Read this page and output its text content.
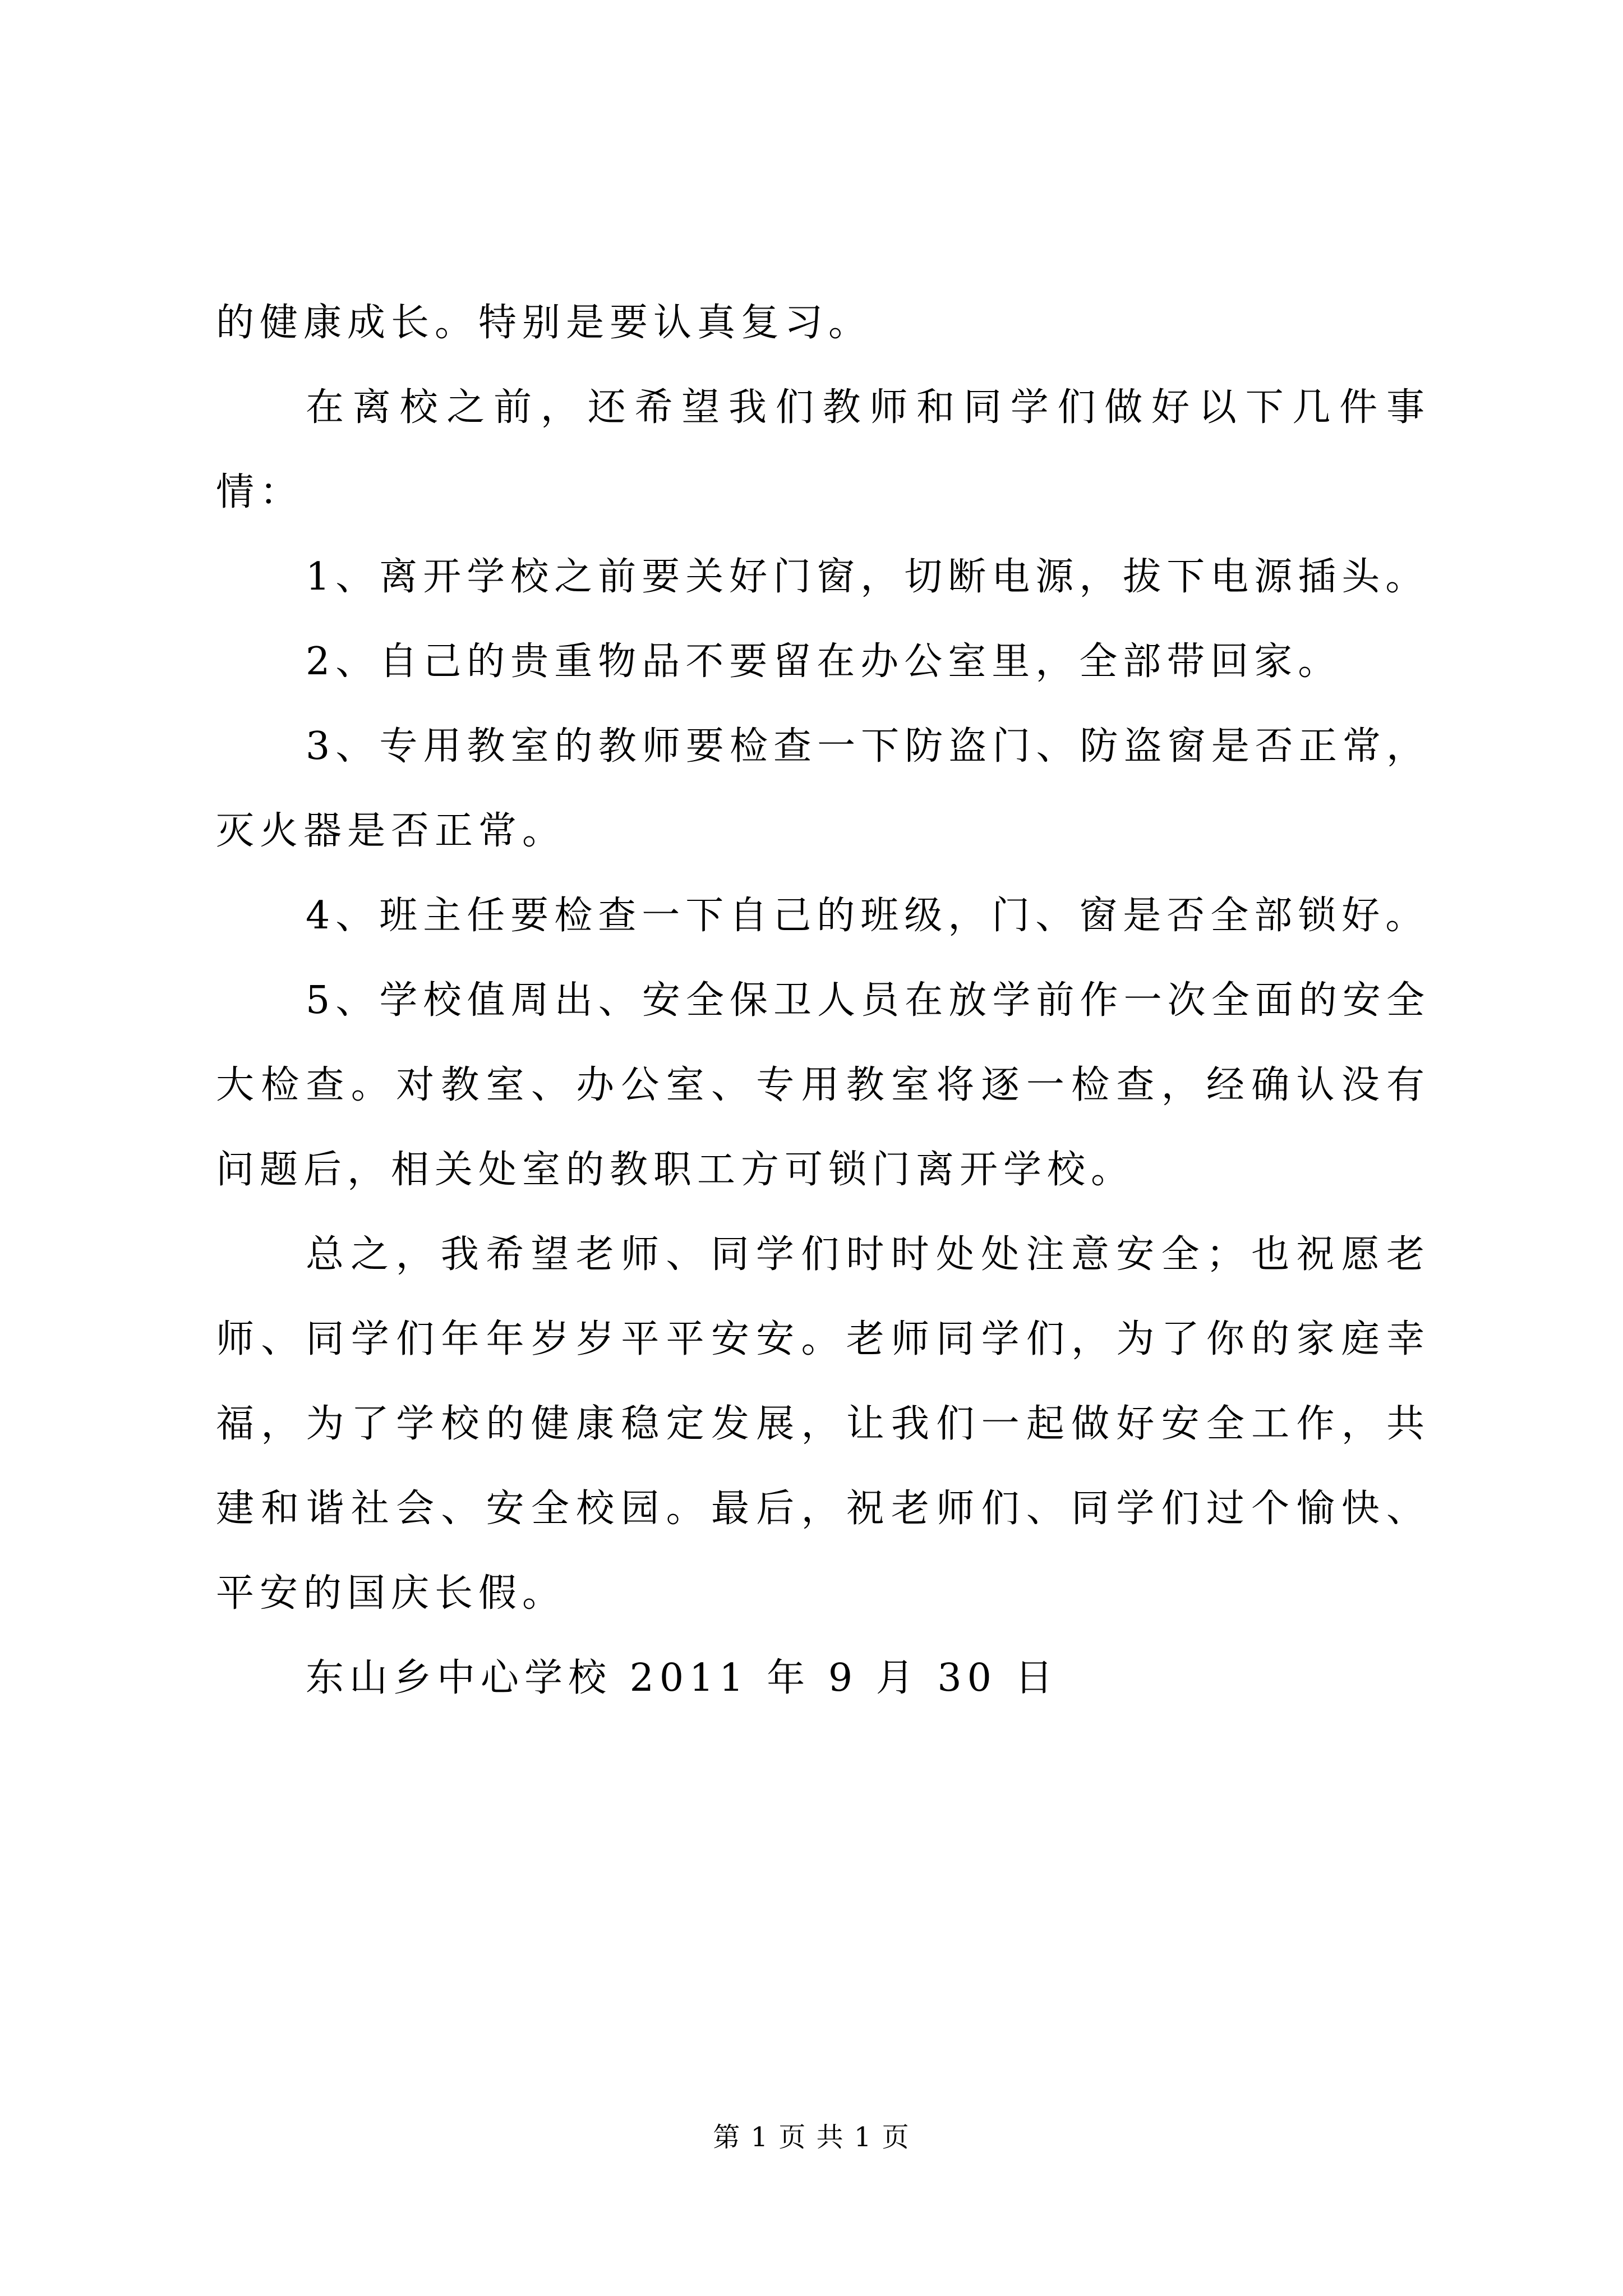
的健康成长。特别是要认真复习。

在离校之前，还希望我们教师和同学们做好以下几件事情：

1、离开学校之前要关好门窗，切断电源，拔下电源插头。

2、自己的贵重物品不要留在办公室里，全部带回家。

3、专用教室的教师要检查一下防盗门、防盗窗是否正常，灭火器是否正常。

4、班主任要检查一下自己的班级，门、窗是否全部锁好。

5、学校值周出、安全保卫人员在放学前作一次全面的安全大检查。对教室、办公室、专用教室将逐一检查，经确认没有问题后，相关处室的教职工方可锁门离开学校。

总之，我希望老师、同学们时时处处注意安全；也祝愿老师、同学们年年岁岁平平安安。老师同学们，为了你的家庭幸福，为了学校的健康稳定发展，让我们一起做好安全工作，共建和谐社会、安全校园。最后，祝老师们、同学们过个愉快、平安的国庆长假。

东山乡中心学校 2011 年 9 月 30 日

第 1 页 共 1 页
